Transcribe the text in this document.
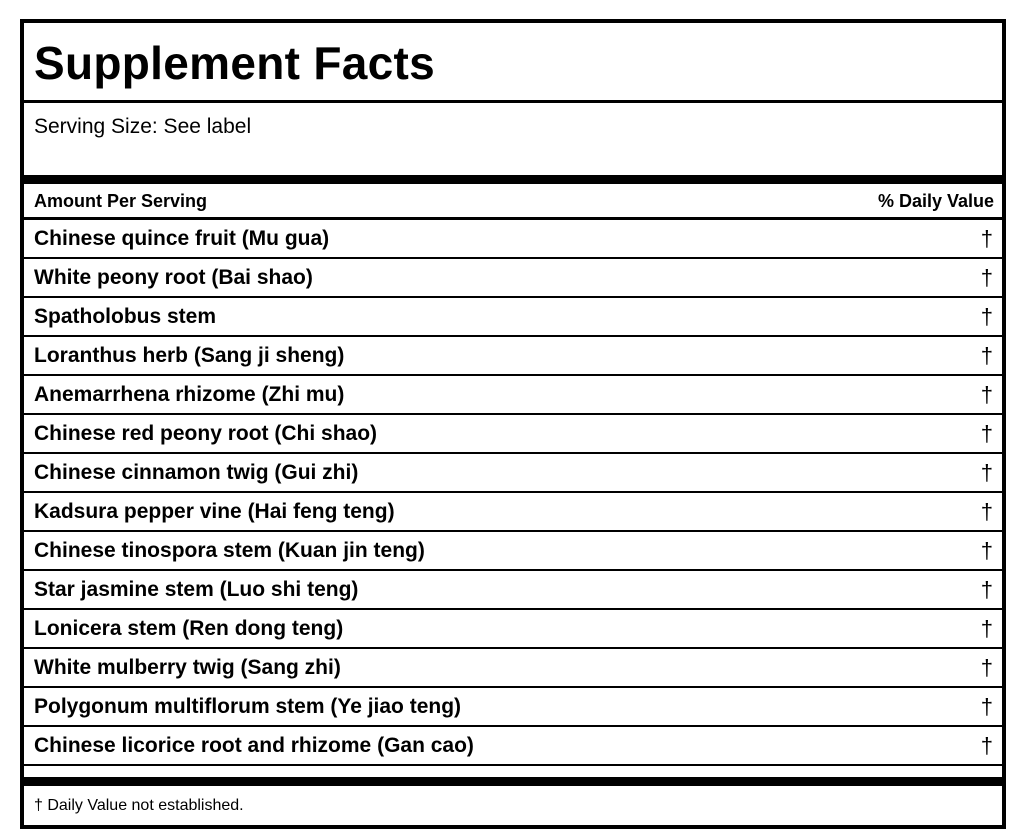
Supplement Facts
Serving Size: See label
Amount Per Serving	% Daily Value
Chinese quince fruit (Mu gua)	†
White peony root (Bai shao)	†
Spatholobus stem	†
Loranthus herb (Sang ji sheng)	†
Anemarrhena rhizome (Zhi mu)	†
Chinese red peony root (Chi shao)	†
Chinese cinnamon twig (Gui zhi)	†
Kadsura pepper vine (Hai feng teng)	†
Chinese tinospora stem (Kuan jin teng)	†
Star jasmine stem (Luo shi teng)	†
Lonicera stem (Ren dong teng)	†
White mulberry twig (Sang zhi)	†
Polygonum multiflorum stem (Ye jiao teng)	†
Chinese licorice root and rhizome (Gan cao)	†
† Daily Value not established.
